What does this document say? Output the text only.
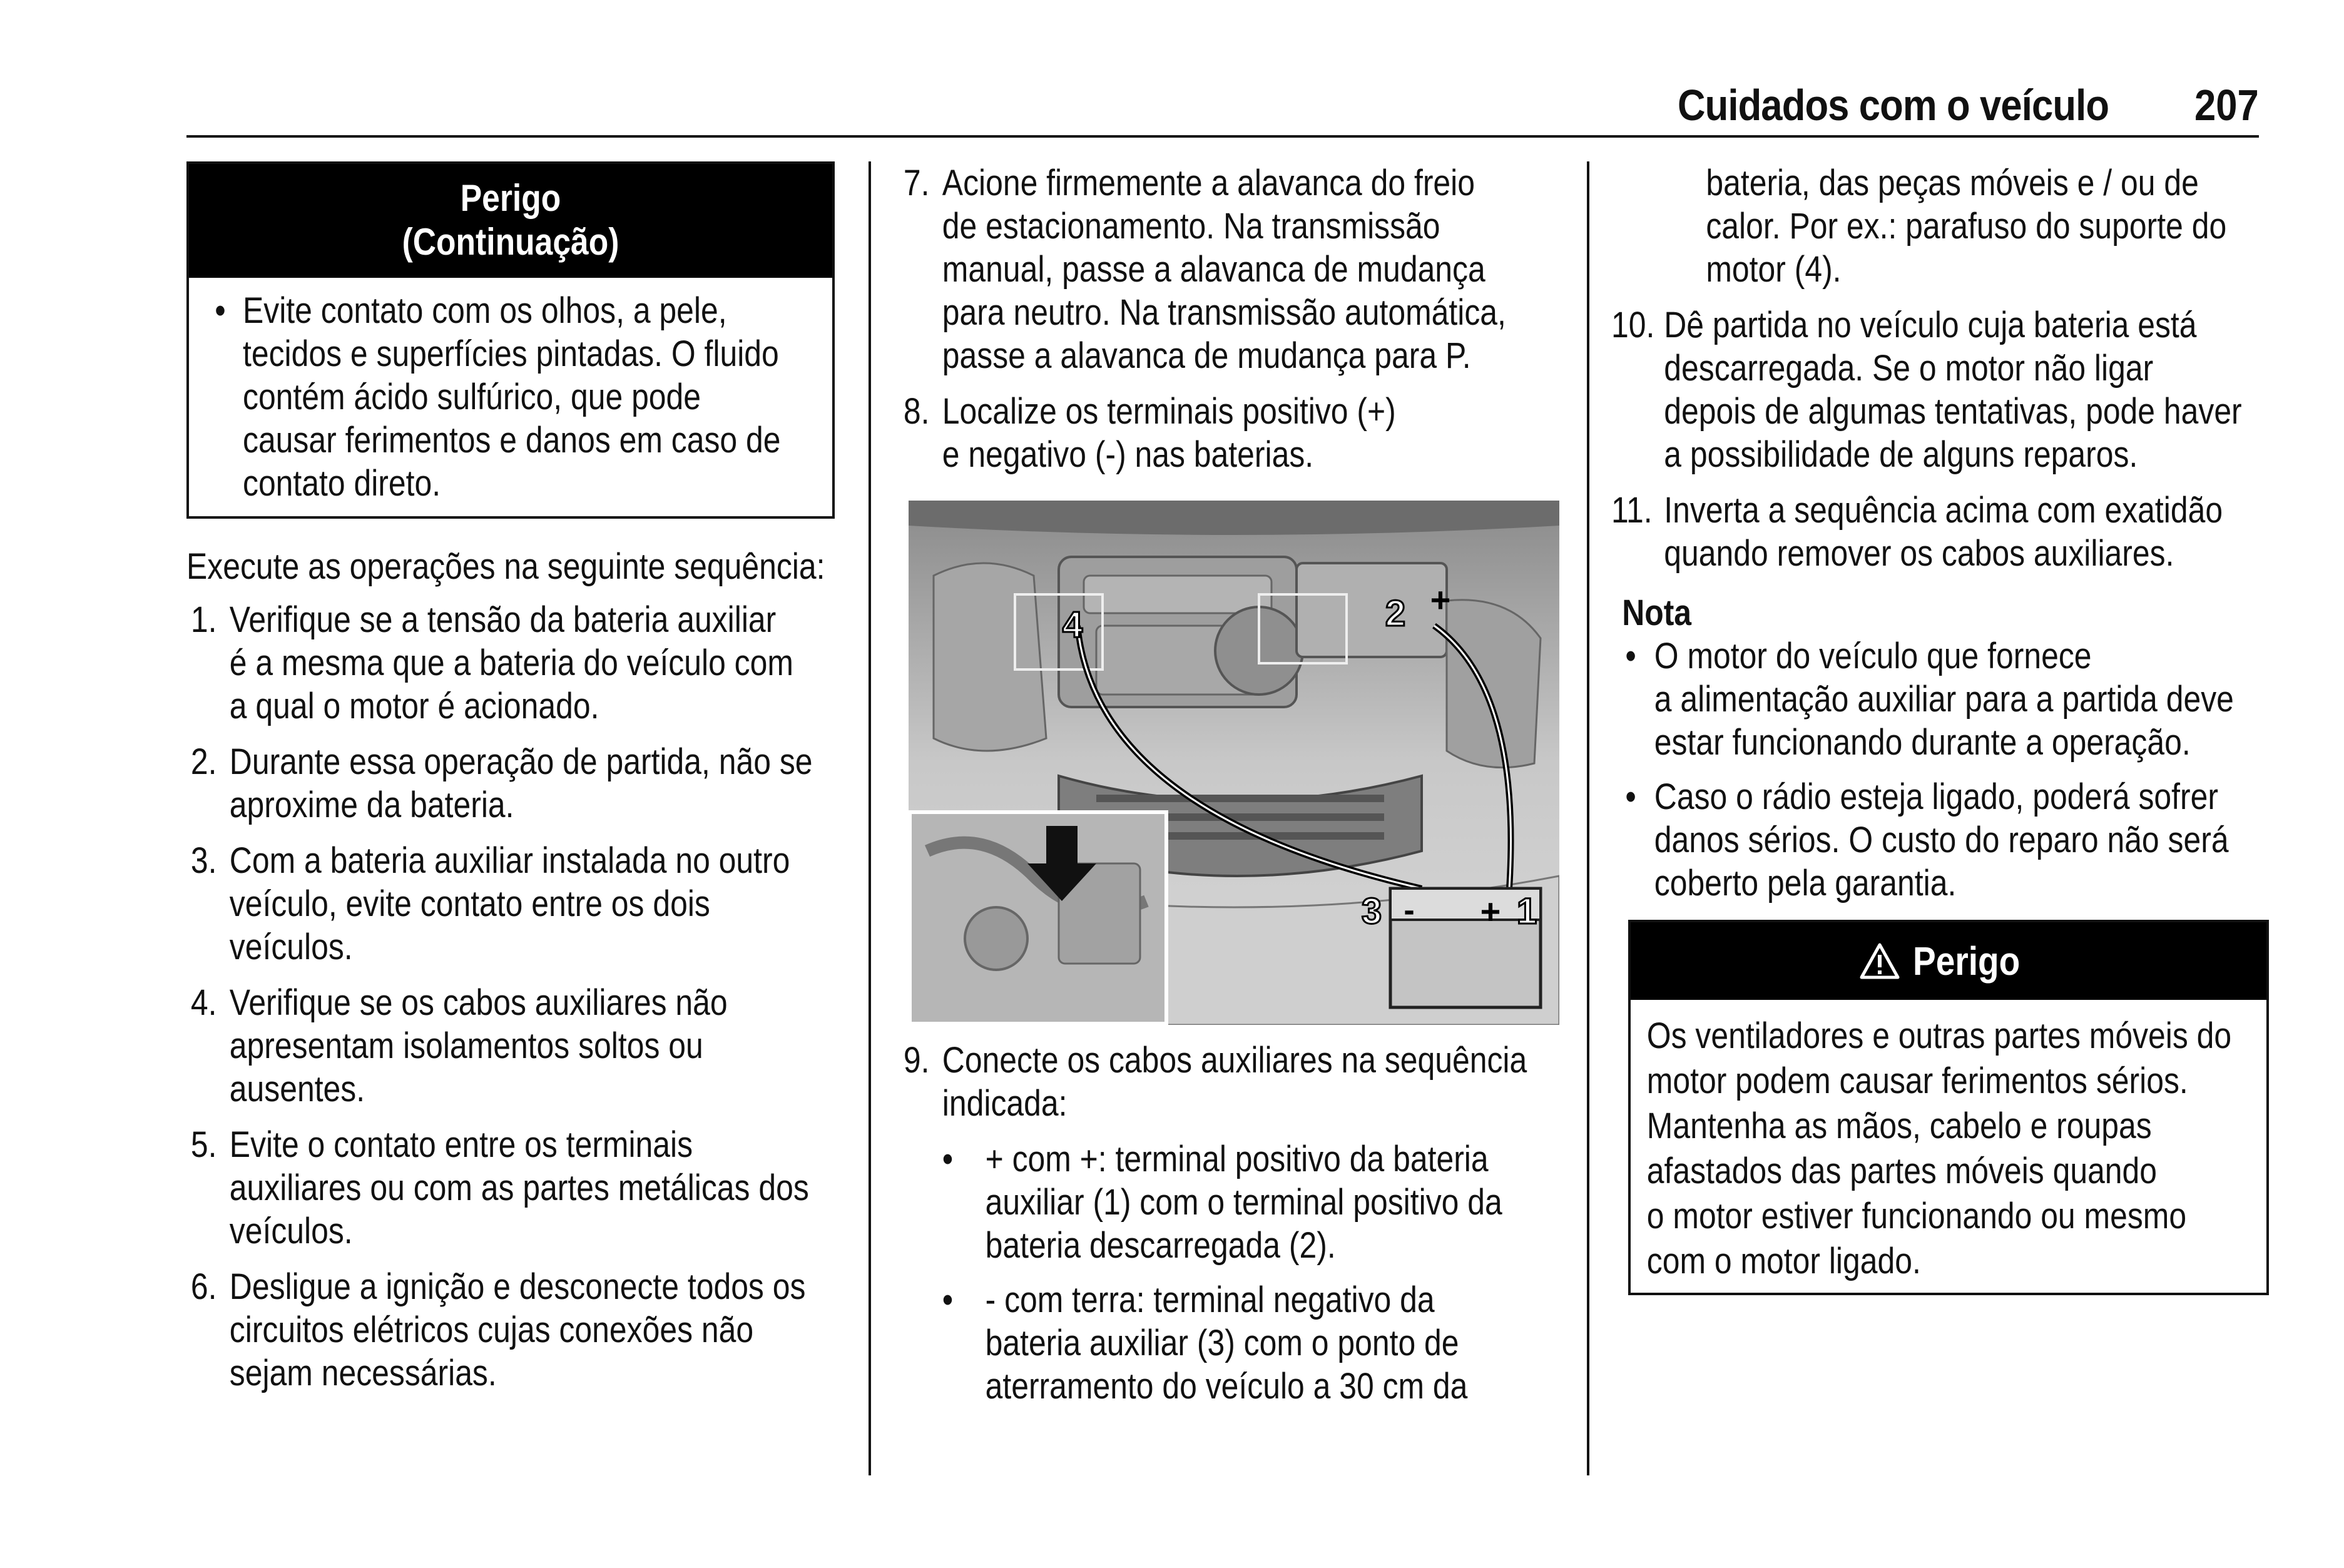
Cuidados com o veículo 207
Perigo
(Continuação)
• Evite contato com os olhos, a pele,
tecidos e superfícies pintadas. O fluido
contém ácido sulfúrico, que pode
causar ferimentos e danos em caso de
contato direto.
Execute as operações na seguinte sequência:
1. Verifique se a tensão da bateria auxiliar
é a mesma que a bateria do veículo com
a qual o motor é acionado.
2. Durante essa operação de partida, não se
aproxime da bateria.
3. Com a bateria auxiliar instalada no outro
veículo, evite contato entre os dois
veículos.
4. Verifique se os cabos auxiliares não
apresentam isolamentos soltos ou
ausentes.
5. Evite o contato entre os terminais
auxiliares ou com as partes metálicas dos
veículos.
6. Desligue a ignição e desconecte todos os
circuitos elétricos cujas conexões não
sejam necessárias.
7. Acione firmemente a alavanca do freio
de estacionamento. Na transmissão
manual, passe a alavanca de mudança
para neutro. Na transmissão automática,
passe a alavanca de mudança para P.
8. Localize os terminais positivo (+)
e negativo (-) nas baterias.
4	2 +
3 - + 1
9. Conecte os cabos auxiliares na sequência
indicada:
• + com +: terminal positivo da bateria
auxiliar (1) com o terminal positivo da
bateria descarregada (2).
• - com terra: terminal negativo da
bateria auxiliar (3) com o ponto de
aterramento do veículo a 30 cm da
bateria, das peças móveis e / ou de
calor. Por ex.: parafuso do suporte do
motor (4).
10. Dê partida no veículo cuja bateria está
descarregada. Se o motor não ligar
depois de algumas tentativas, pode haver
a possibilidade de alguns reparos.
11. Inverta a sequência acima com exatidão
quando remover os cabos auxiliares.
Nota
• O motor do veículo que fornece
a alimentação auxiliar para a partida deve
estar funcionando durante a operação.
• Caso o rádio esteja ligado, poderá sofrer
danos sérios. O custo do reparo não será
coberto pela garantia.
Perigo
Os ventiladores e outras partes móveis do
motor podem causar ferimentos sérios.
Mantenha as mãos, cabelo e roupas
afastados das partes móveis quando
o motor estiver funcionando ou mesmo
com o motor ligado.
